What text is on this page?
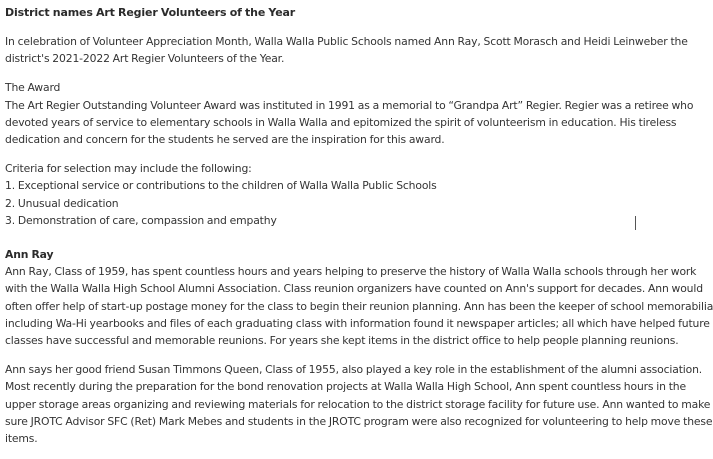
District names Art Regier Volunteers of the Year
In celebration of Volunteer Appreciation Month, Walla Walla Public Schools named Ann Ray, Scott Morasch and Heidi Leinweber the
district's 2021-2022 Art Regier Volunteers of the Year.
The Award
The Art Regier Outstanding Volunteer Award was instituted in 1991 as a memorial to “Grandpa Art” Regier. Regier was a retiree who
devoted years of service to elementary schools in Walla Walla and epitomized the spirit of volunteerism in education. His tireless
dedication and concern for the students he served are the inspiration for this award.
Criteria for selection may include the following:
1. Exceptional service or contributions to the children of Walla Walla Public Schools
2. Unusual dedication
3. Demonstration of care, compassion and empathy
Ann Ray
Ann Ray, Class of 1959, has spent countless hours and years helping to preserve the history of Walla Walla schools through her work
with the Walla Walla High School Alumni Association. Class reunion organizers have counted on Ann's support for decades. Ann would
often offer help of start-up postage money for the class to begin their reunion planning. Ann has been the keeper of school memorabilia
including Wa-Hi yearbooks and files of each graduating class with information found it newspaper articles; all which have helped future
classes have successful and memorable reunions. For years she kept items in the district office to help people planning reunions.
Ann says her good friend Susan Timmons Queen, Class of 1955, also played a key role in the establishment of the alumni association.
Most recently during the preparation for the bond renovation projects at Walla Walla High School, Ann spent countless hours in the
upper storage areas organizing and reviewing materials for relocation to the district storage facility for future use. Ann wanted to make
sure JROTC Advisor SFC (Ret) Mark Mebes and students in the JROTC program were also recognized for volunteering to help move these
items.
